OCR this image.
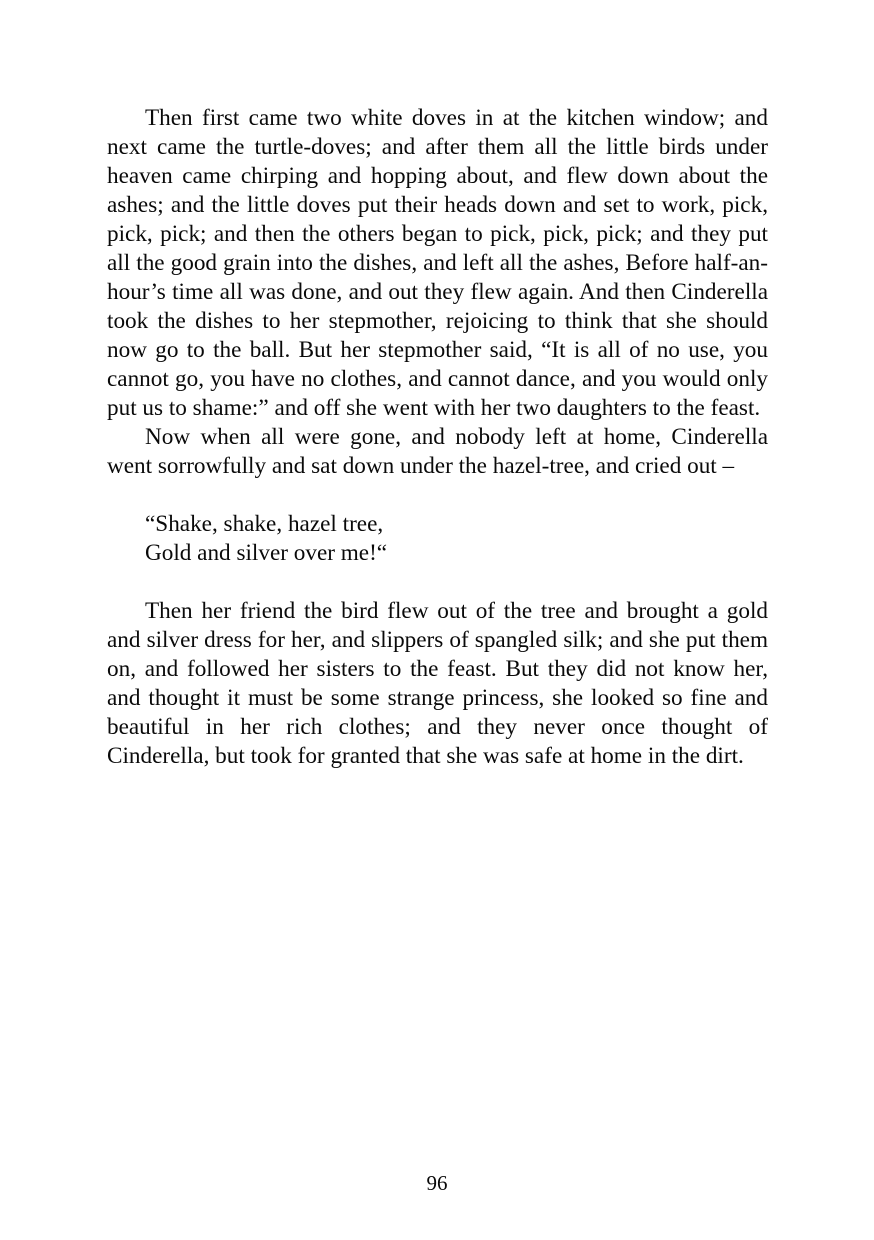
Then first came two white doves in at the kitchen window; and next came the turtle-doves; and after them all the little birds under heaven came chirping and hopping about, and flew down about the ashes; and the little doves put their heads down and set to work, pick, pick, pick; and then the others began to pick, pick, pick; and they put all the good grain into the dishes, and left all the ashes, Before half-an-hour’s time all was done, and out they flew again. And then Cinderella took the dishes to her stepmother, rejoicing to think that she should now go to the ball. But her stepmother said, “It is all of no use, you cannot go, you have no clothes, and cannot dance, and you would only put us to shame:” and off she went with her two daughters to the feast.

Now when all were gone, and nobody left at home, Cinderella went sorrowfully and sat down under the hazel-tree, and cried out –

“Shake, shake, hazel tree,
Gold and silver over me!“

Then her friend the bird flew out of the tree and brought a gold and silver dress for her, and slippers of spangled silk; and she put them on, and followed her sisters to the feast. But they did not know her, and thought it must be some strange princess, she looked so fine and beautiful in her rich clothes; and they never once thought of Cinderella, but took for granted that she was safe at home in the dirt.

96
